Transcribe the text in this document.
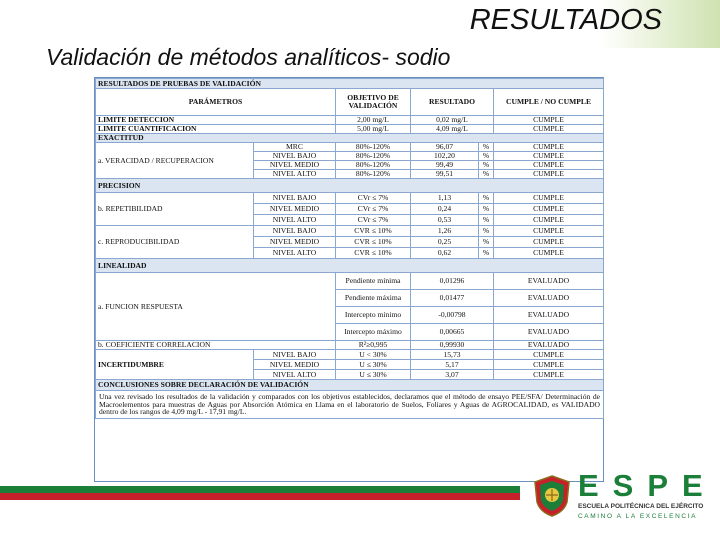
RESULTADOS
Validación de métodos analíticos- sodio
RESULTADOS DE PRUEBAS DE VALIDACIÓN					
PARÁMETROS		OBJETIVO DE VALIDACIÓN	RESULTADO		CUMPLE / NO CUMPLE
LIMITE DETECCION		2,00 mg/L	0,02 mg/L		CUMPLE
LIMITE CUANTIFICACION		5,00 mg/L	4,09 mg/L		CUMPLE
EXACTITUD					
a. VERACIDAD / RECUPERACION	MRC	80%-120%	96,07	%	CUMPLE
	NIVEL BAJO	80%-120%	102,20	%	CUMPLE
	NIVEL MEDIO	80%-120%	99,49	%	CUMPLE
	NIVEL ALTO	80%-120%	99,51	%	CUMPLE
PRECISION					
b. REPETIBILIDAD	NIVEL BAJO	CVr ≤ 7%	1,13	%	CUMPLE
	NIVEL MEDIO	CVr ≤ 7%	0,24	%	CUMPLE
	NIVEL ALTO	CVr ≤ 7%	0,53	%	CUMPLE
c. REPRODUCIBILIDAD	NIVEL BAJO	CVR ≤ 10%	1,26	%	CUMPLE
	NIVEL MEDIO	CVR ≤ 10%	0,25	%	CUMPLE
	NIVEL ALTO	CVR ≤ 10%	0,62	%	CUMPLE
LINEALIDAD					
a. FUNCION RESPUESTA		Pendiente mínima	0,01296		EVALUADO
		Pendiente máxima	0,01477		EVALUADO
		Intercepto mínimo	-0,00798		EVALUADO
		Intercepto máximo	0,00665		EVALUADO
b. COEFICIENTE CORRELACION		R²≥0,995	0,99930		EVALUADO
INCERTIDUMBRE	NIVEL BAJO	U < 30%	15,73		CUMPLE
	NIVEL MEDIO	U ≤ 30%	5,17		CUMPLE
	NIVEL ALTO	U ≤ 30%	3,07		CUMPLE
CONCLUSIONES SOBRE DECLARACIÓN DE VALIDACIÓN					
Una vez revisado los resultados de la validación y comparados con los objetivos establecidos, declaramos que el método de ensayo PEE/SFA/ Determinación de Macroelementos para muestras de Aguas por Absorción Atómica en Llama en el laboratorio de Suelos, Foliares y Aguas de AGROCALIDAD, es VALIDADO dentro de los rangos de 4,09 mg/L - 17,91 mg/L.					
ESPE
ESCUELA POLITÉCNICA DEL EJÉRCITO
CAMINO A LA EXCELENCIA
